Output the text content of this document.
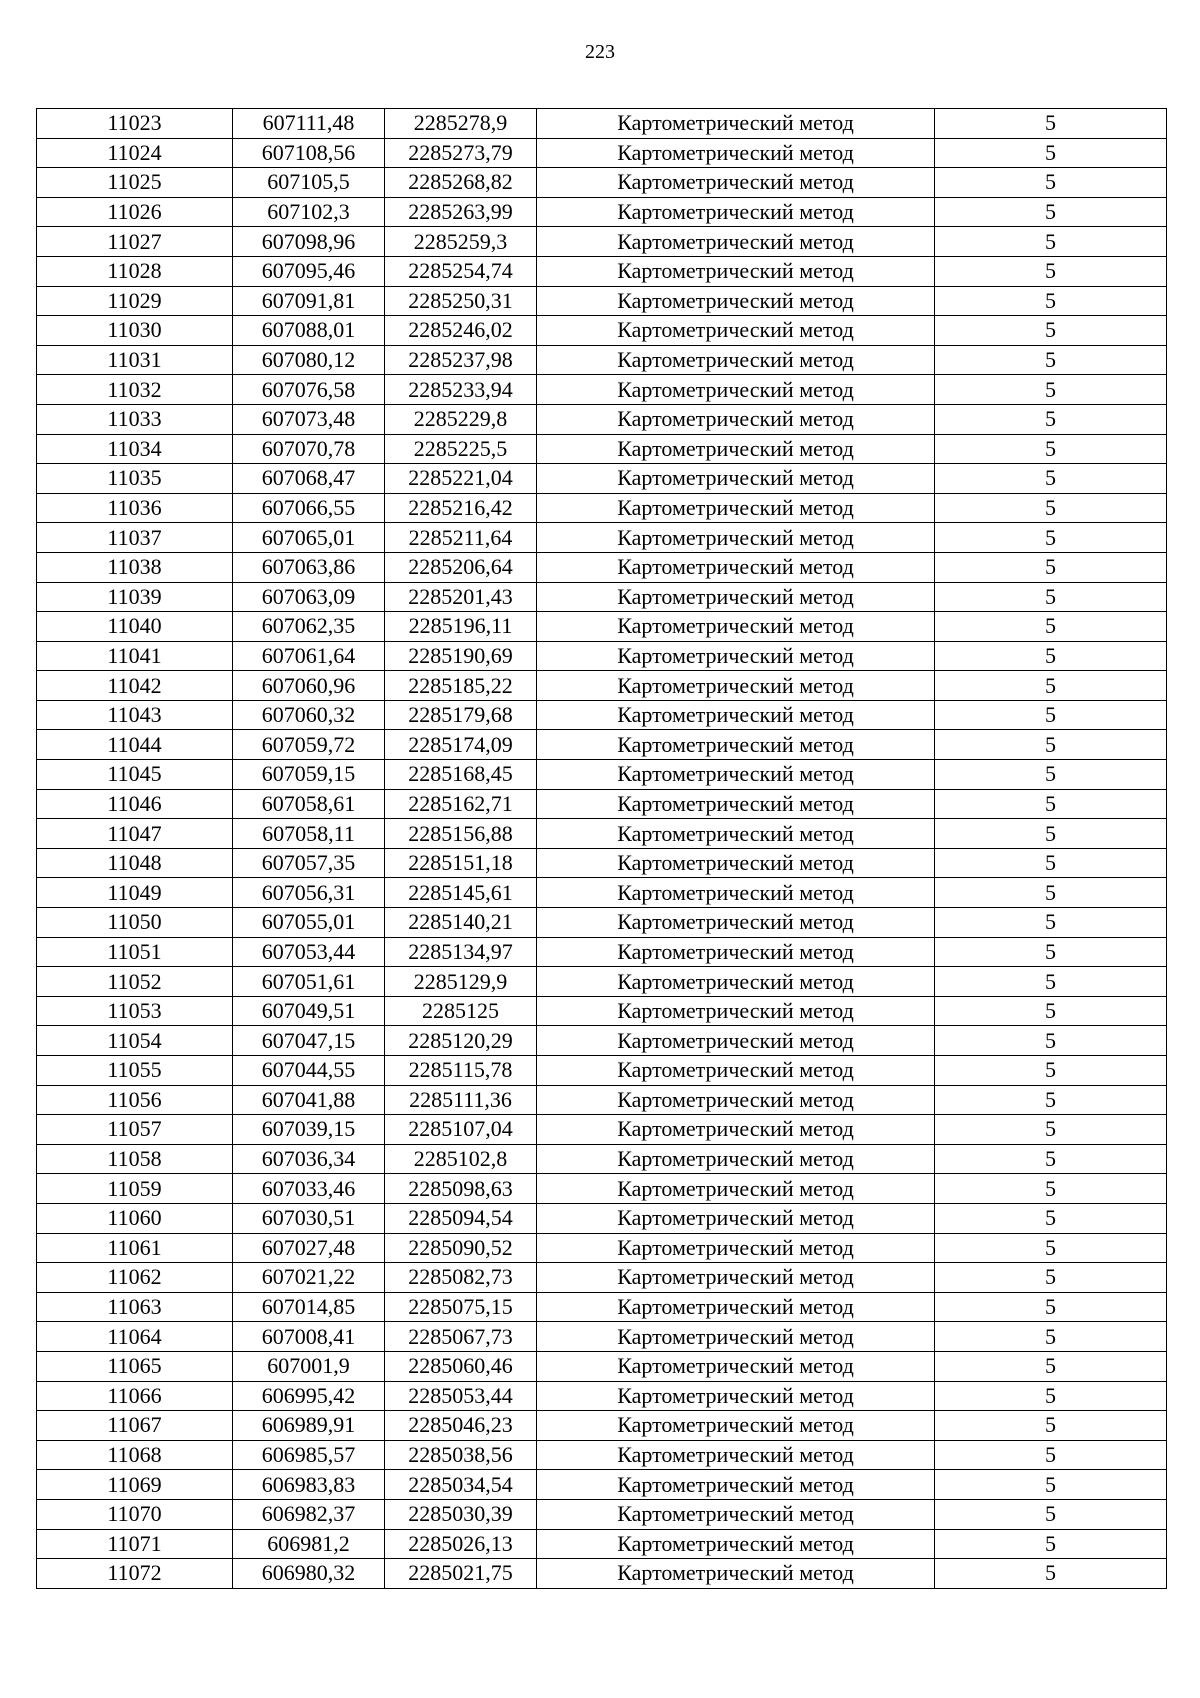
223
11023	607111,48	2285278,9	Картометрический метод	5
11024	607108,56	2285273,79	Картометрический метод	5
11025	607105,5	2285268,82	Картометрический метод	5
11026	607102,3	2285263,99	Картометрический метод	5
11027	607098,96	2285259,3	Картометрический метод	5
11028	607095,46	2285254,74	Картометрический метод	5
11029	607091,81	2285250,31	Картометрический метод	5
11030	607088,01	2285246,02	Картометрический метод	5
11031	607080,12	2285237,98	Картометрический метод	5
11032	607076,58	2285233,94	Картометрический метод	5
11033	607073,48	2285229,8	Картометрический метод	5
11034	607070,78	2285225,5	Картометрический метод	5
11035	607068,47	2285221,04	Картометрический метод	5
11036	607066,55	2285216,42	Картометрический метод	5
11037	607065,01	2285211,64	Картометрический метод	5
11038	607063,86	2285206,64	Картометрический метод	5
11039	607063,09	2285201,43	Картометрический метод	5
11040	607062,35	2285196,11	Картометрический метод	5
11041	607061,64	2285190,69	Картометрический метод	5
11042	607060,96	2285185,22	Картометрический метод	5
11043	607060,32	2285179,68	Картометрический метод	5
11044	607059,72	2285174,09	Картометрический метод	5
11045	607059,15	2285168,45	Картометрический метод	5
11046	607058,61	2285162,71	Картометрический метод	5
11047	607058,11	2285156,88	Картометрический метод	5
11048	607057,35	2285151,18	Картометрический метод	5
11049	607056,31	2285145,61	Картометрический метод	5
11050	607055,01	2285140,21	Картометрический метод	5
11051	607053,44	2285134,97	Картометрический метод	5
11052	607051,61	2285129,9	Картометрический метод	5
11053	607049,51	2285125	Картометрический метод	5
11054	607047,15	2285120,29	Картометрический метод	5
11055	607044,55	2285115,78	Картометрический метод	5
11056	607041,88	2285111,36	Картометрический метод	5
11057	607039,15	2285107,04	Картометрический метод	5
11058	607036,34	2285102,8	Картометрический метод	5
11059	607033,46	2285098,63	Картометрический метод	5
11060	607030,51	2285094,54	Картометрический метод	5
11061	607027,48	2285090,52	Картометрический метод	5
11062	607021,22	2285082,73	Картометрический метод	5
11063	607014,85	2285075,15	Картометрический метод	5
11064	607008,41	2285067,73	Картометрический метод	5
11065	607001,9	2285060,46	Картометрический метод	5
11066	606995,42	2285053,44	Картометрический метод	5
11067	606989,91	2285046,23	Картометрический метод	5
11068	606985,57	2285038,56	Картометрический метод	5
11069	606983,83	2285034,54	Картометрический метод	5
11070	606982,37	2285030,39	Картометрический метод	5
11071	606981,2	2285026,13	Картометрический метод	5
11072	606980,32	2285021,75	Картометрический метод	5
